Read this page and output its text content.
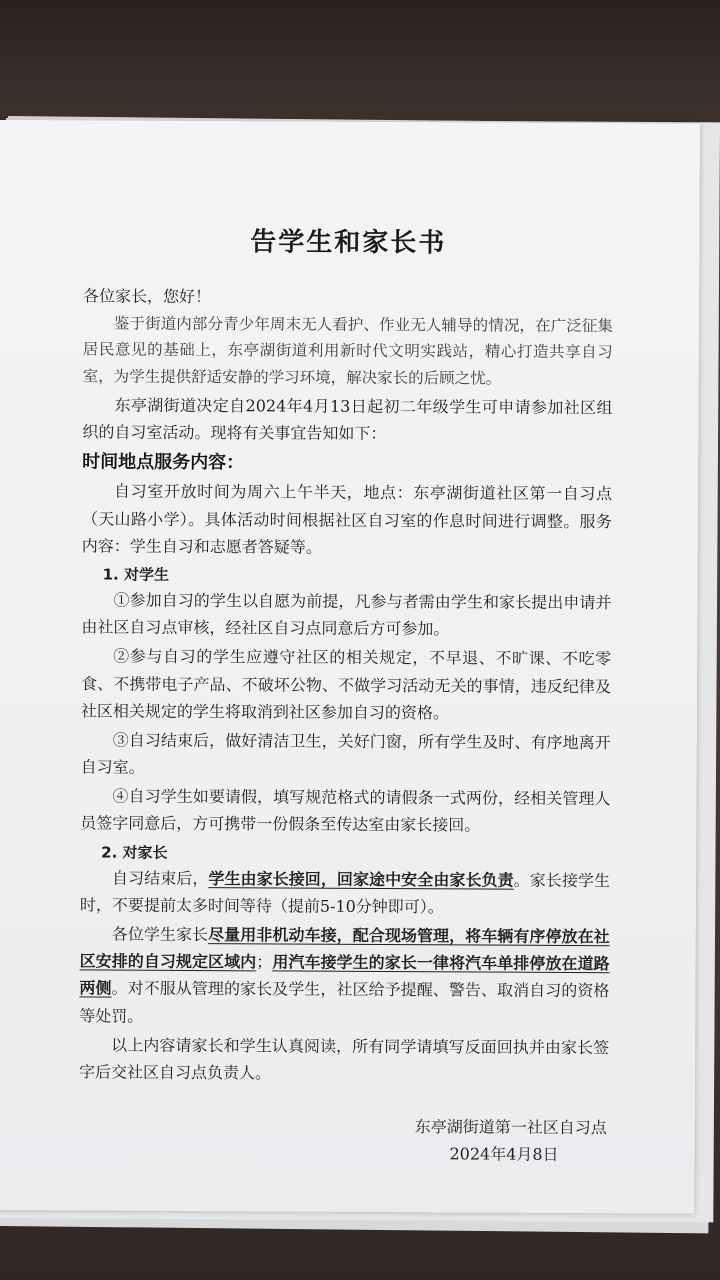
告学生和家长书
各位家长，您好！

鉴于街道内部分青少年周末无人看护、作业无人辅导的情况，在广泛征集居民意见的基础上，东亭湖街道利用新时代文明实践站，精心打造共享自习室，为学生提供舒适安静的学习环境，解决家长的后顾之忧。

东亭湖街道决定自2024年4月13日起初二年级学生可申请参加社区组织的自习室活动。现将有关事宜告知如下：

时间地点服务内容：

自习室开放时间为周六上午半天，地点：东亭湖街道社区第一自习点（天山路小学）。具体活动时间根据社区自习室的作息时间进行调整。服务内容：学生自习和志愿者答疑等。

1. 对学生

①参加自习的学生以自愿为前提，凡参与者需由学生和家长提出申请并由社区自习点审核，经社区自习点同意后方可参加。

②参与自习的学生应遵守社区的相关规定，不早退、不旷课、不吃零食、不携带电子产品、不破坏公物、不做学习活动无关的事情，违反纪律及社区相关规定的学生将取消到社区参加自习的资格。

③自习结束后，做好清洁卫生，关好门窗，所有学生及时、有序地离开自习室。

④自习学生如要请假，填写规范格式的请假条一式两份，经相关管理人员签字同意后，方可携带一份假条至传达室由家长接回。

2. 对家长

自习结束后，学生由家长接回，回家途中安全由家长负责。家长接学生时，不要提前太多时间等待（提前5-10分钟即可）。

各位学生家长尽量用非机动车接，配合现场管理，将车辆有序停放在社区安排的自习规定区域内；用汽车接学生的家长一律将汽车单排停放在道路两侧。对不服从管理的家长及学生，社区给予提醒、警告、取消自习的资格等处罚。

以上内容请家长和学生认真阅读，所有同学请填写反面回执并由家长签字后交社区自习点负责人。

东亭湖街道第一社区自习点
2024年4月8日
